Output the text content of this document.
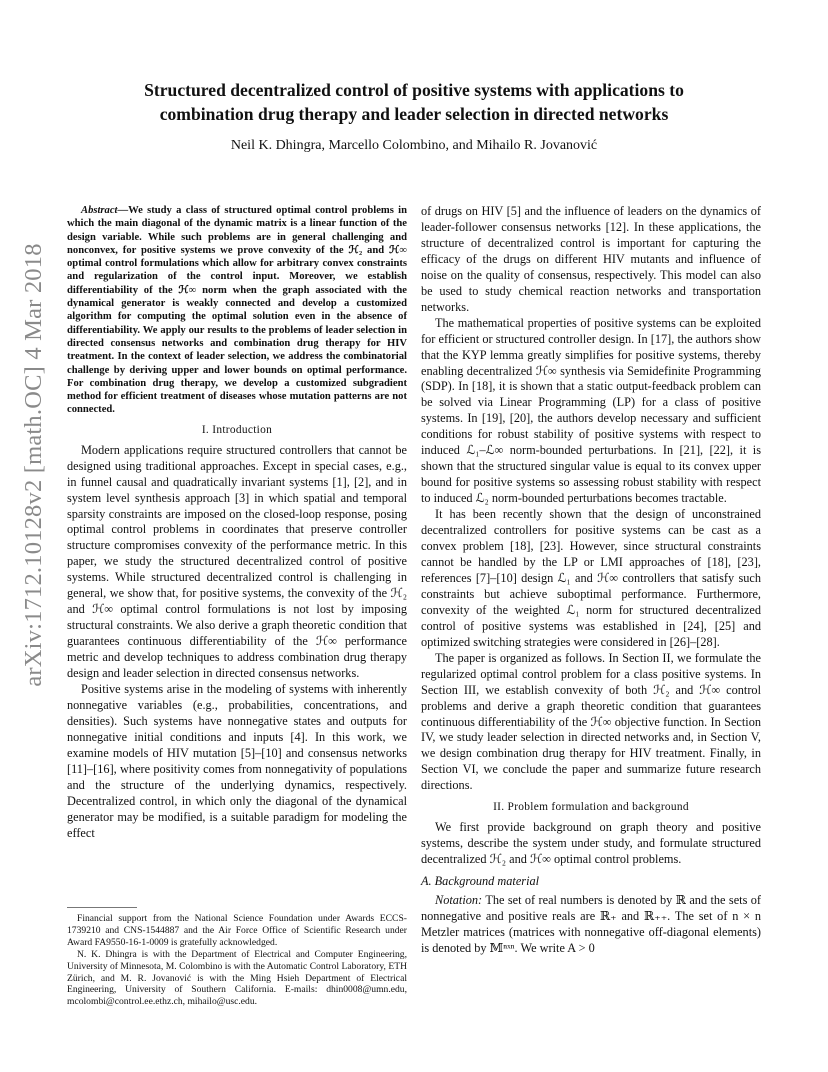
arXiv:1712.10128v2 [math.OC] 4 Mar 2018
Structured decentralized control of positive systems with applications to
combination drug therapy and leader selection in directed networks
Neil K. Dhingra, Marcello Colombino, and Mihailo R. Jovanović

Abstract—We study a class of structured optimal control problems in which the main diagonal of the dynamic matrix is a linear function of the design variable. While such problems are in general challenging and nonconvex, for positive systems we prove convexity of the ℋ₂ and ℋ∞ optimal control formulations which allow for arbitrary convex constraints and regularization of the control input. Moreover, we establish differentiability of the ℋ∞ norm when the graph associated with the dynamical generator is weakly connected and develop a customized algorithm for computing the optimal solution even in the absence of differentiability. We apply our results to the problems of leader selection in directed consensus networks and combination drug therapy for HIV treatment. In the context of leader selection, we address the combinatorial challenge by deriving upper and lower bounds on optimal performance. For combination drug therapy, we develop a customized subgradient method for efficient treatment of diseases whose mutation patterns are not connected.

I. Introduction

Modern applications require structured controllers that cannot be designed using traditional approaches. Except in special cases, e.g., in funnel causal and quadratically invariant systems [1], [2], and in system level synthesis approach [3] in which spatial and temporal sparsity constraints are imposed on the closed-loop response, posing optimal control problems in coordinates that preserve controller structure compromises convexity of the performance metric. In this paper, we study the structured decentralized control of positive systems. While structured decentralized control is challenging in general, we show that, for positive systems, the convexity of the ℋ₂ and ℋ∞ optimal control formulations is not lost by imposing structural constraints. We also derive a graph theoretic condition that guarantees continuous differentiability of the ℋ∞ performance metric and develop techniques to address combination drug therapy design and leader selection in directed consensus networks.

Positive systems arise in the modeling of systems with inherently nonnegative variables (e.g., probabilities, concentrations, and densities). Such systems have nonnegative states and outputs for nonnegative initial conditions and inputs [4]. In this work, we examine models of HIV mutation [5]–[10] and consensus networks [11]–[16], where positivity comes from nonnegativity of populations and the structure of the underlying dynamics, respectively. Decentralized control, in which only the diagonal of the dynamical generator may be modified, is a suitable paradigm for modeling the effect

Financial support from the National Science Foundation under Awards ECCS-1739210 and CNS-1544887 and the Air Force Office of Scientific Research under Award FA9550-16-1-0009 is gratefully acknowledged.

N. K. Dhingra is with the Department of Electrical and Computer Engineering, University of Minnesota, M. Colombino is with the Automatic Control Laboratory, ETH Zürich, and M. R. Jovanović is with the Ming Hsieh Department of Electrical Engineering, University of Southern California. E-mails: dhin0008@umn.edu, mcolombi@control.ee.ethz.ch, mihailo@usc.edu.

of drugs on HIV [5] and the influence of leaders on the dynamics of leader-follower consensus networks [12]. In these applications, the structure of decentralized control is important for capturing the efficacy of the drugs on different HIV mutants and influence of noise on the quality of consensus, respectively. This model can also be used to study chemical reaction networks and transportation networks.

The mathematical properties of positive systems can be exploited for efficient or structured controller design. In [17], the authors show that the KYP lemma greatly simplifies for positive systems, thereby enabling decentralized ℋ∞ synthesis via Semidefinite Programming (SDP). In [18], it is shown that a static output-feedback problem can be solved via Linear Programming (LP) for a class of positive systems. In [19], [20], the authors develop necessary and sufficient conditions for robust stability of positive systems with respect to induced ℒ₁–ℒ∞ norm-bounded perturbations. In [21], [22], it is shown that the structured singular value is equal to its convex upper bound for positive systems so assessing robust stability with respect to induced ℒ₂ norm-bounded perturbations becomes tractable.

It has been recently shown that the design of unconstrained decentralized controllers for positive systems can be cast as a convex problem [18], [23]. However, since structural constraints cannot be handled by the LP or LMI approaches of [18], [23], references [7]–[10] design ℒ₁ and ℋ∞ controllers that satisfy such constraints but achieve suboptimal performance. Furthermore, convexity of the weighted ℒ₁ norm for structured decentralized control of positive systems was established in [24], [25] and optimized switching strategies were considered in [26]–[28].

The paper is organized as follows. In Section II, we formulate the regularized optimal control problem for a class positive systems. In Section III, we establish convexity of both ℋ₂ and ℋ∞ control problems and derive a graph theoretic condition that guarantees continuous differentiability of the ℋ∞ objective function. In Section IV, we study leader selection in directed networks and, in Section V, we design combination drug therapy for HIV treatment. Finally, in Section VI, we conclude the paper and summarize future research directions.

II. Problem formulation and background

We first provide background on graph theory and positive systems, describe the system under study, and formulate structured decentralized ℋ₂ and ℋ∞ optimal control problems.

A. Background material

Notation: The set of real numbers is denoted by ℝ and the sets of nonnegative and positive reals are ℝ₊ and ℝ₊₊. The set of n × n Metzler matrices (matrices with nonnegative off-diagonal elements) is denoted by 𝕄ⁿˣⁿ. We write A > 0
